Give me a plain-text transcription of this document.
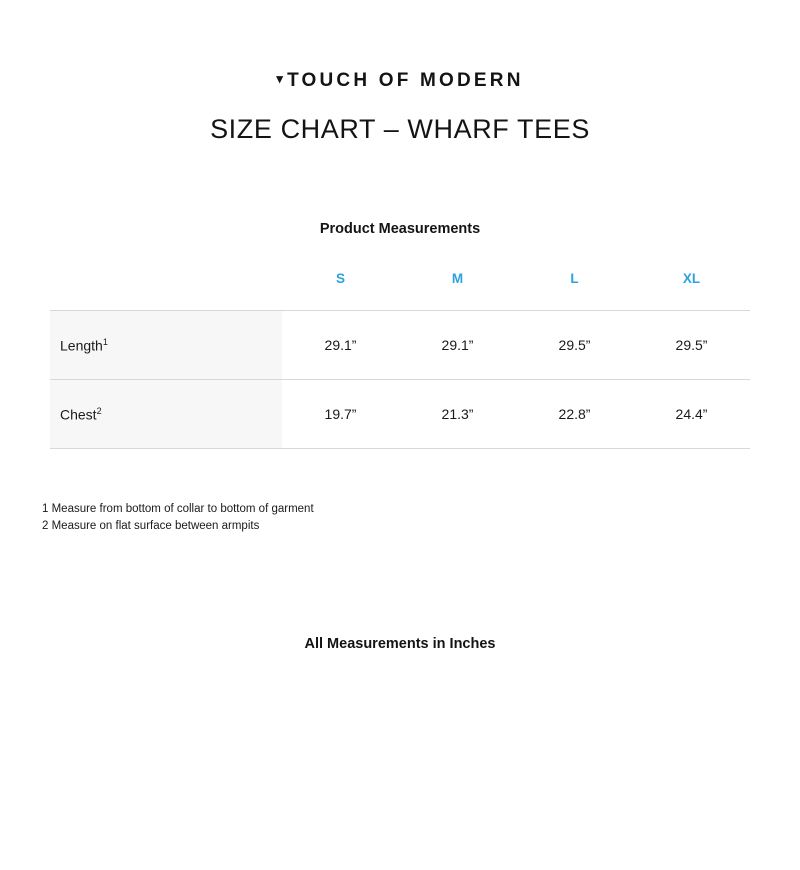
▾TOUCH OF MODERN
SIZE CHART – WHARF TEES
Product Measurements
	S	M	L	XL
Length$^1$	29.1”	29.1”	29.5”	29.5”
Chest$^2$	19.7”	21.3”	22.8”	24.4”
1 Measure from bottom of collar to bottom of garment
2 Measure on flat surface between armpits
All Measurements in Inches
